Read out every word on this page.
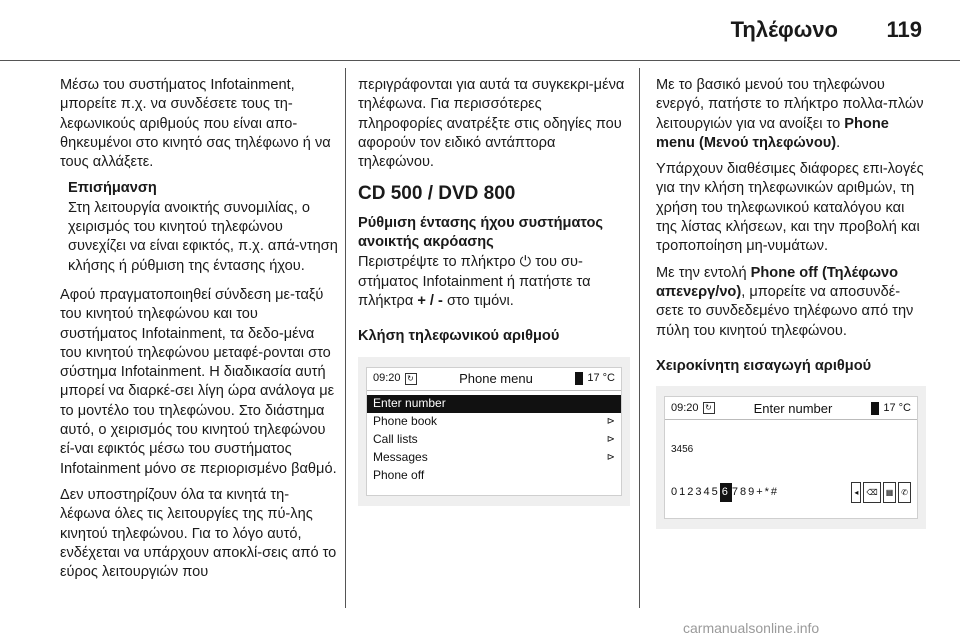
Τηλέφωνο 119

Μέσω του συστήματος Infotainment, μπορείτε π.χ. να συνδέσετε τους τη-λεφωνικούς αριθμούς που είναι απο-θηκευμένοι στο κινητό σας τηλέφωνο ή να τους αλλάξετε.

Επισήμανση

Στη λειτουργία ανοικτής συνομιλίας, ο χειρισμός του κινητού τηλεφώνου συνεχίζει να είναι εφικτός, π.χ. απά-ντηση κλήσης ή ρύθμιση της έντασης ήχου.

Αφού πραγματοποιηθεί σύνδεση με-ταξύ του κινητού τηλεφώνου και του συστήματος Infotainment, τα δεδο-μένα του κινητού τηλεφώνου μεταφέ-ρονται στο σύστημα Infotainment. Η διαδικασία αυτή μπορεί να διαρκέ-σει λίγη ώρα ανάλογα με το μοντέλο του τηλεφώνου. Στο διάστημα αυτό, ο χειρισμός του κινητού τηλεφώνου εί-ναι εφικτός μέσω του συστήματος Infotainment μόνο σε περιορισμένο βαθμό.

Δεν υποστηρίζουν όλα τα κινητά τη-λέφωνα όλες τις λειτουργίες της πύ-λης κινητού τηλεφώνου. Για το λόγο αυτό, ενδέχεται να υπάρχουν αποκλί-σεις από το εύρος λειτουργιών που

περιγράφονται για αυτά τα συγκεκρι-μένα τηλέφωνα. Για περισσότερες πληροφορίες ανατρέξτε στις οδηγίες που αφορούν τον ειδικό αντάπτορα τηλεφώνου.

CD 500 / DVD 800
Ρύθμιση έντασης ήχου συστήματος ανοικτής ακρόασης

Περιστρέψτε το πλήκτρο ⏻ του συ-στήματος Infotainment ή πατήστε τα πλήκτρα + / - στο τιμόνι.

Κλήση τηλεφωνικού αριθμού
09:20 ↻	Phone menu	17 °C
Enter number
Phone book	⊳
Call lists	⊳
Messages	⊳
Phone off

Με το βασικό μενού του τηλεφώνου ενεργό, πατήστε το πλήκτρο πολλα-πλών λειτουργιών για να ανοίξει το Phone menu (Μενού τηλεφώνου).

Υπάρχουν διαθέσιμες διάφορες επι-λογές για την κλήση τηλεφωνικών αριθμών, τη χρήση του τηλεφωνικού καταλόγου και της λίστας κλήσεων, και την προβολή και τροποποίηση μη-νυμάτων.

Με την εντολή Phone off (Τηλέφωνο απενεργ/νο), μπορείτε να αποσυνδέ-σετε το συνδεδεμένο τηλέφωνο από την πύλη του κινητού τηλεφώνου.

Χειροκίνητη εισαγωγή αριθμού
09:20 ↻	Enter number	17 °C
3456
012345 6 789+*#	◂	⌫	▦	✆
carmanualsonline.info
